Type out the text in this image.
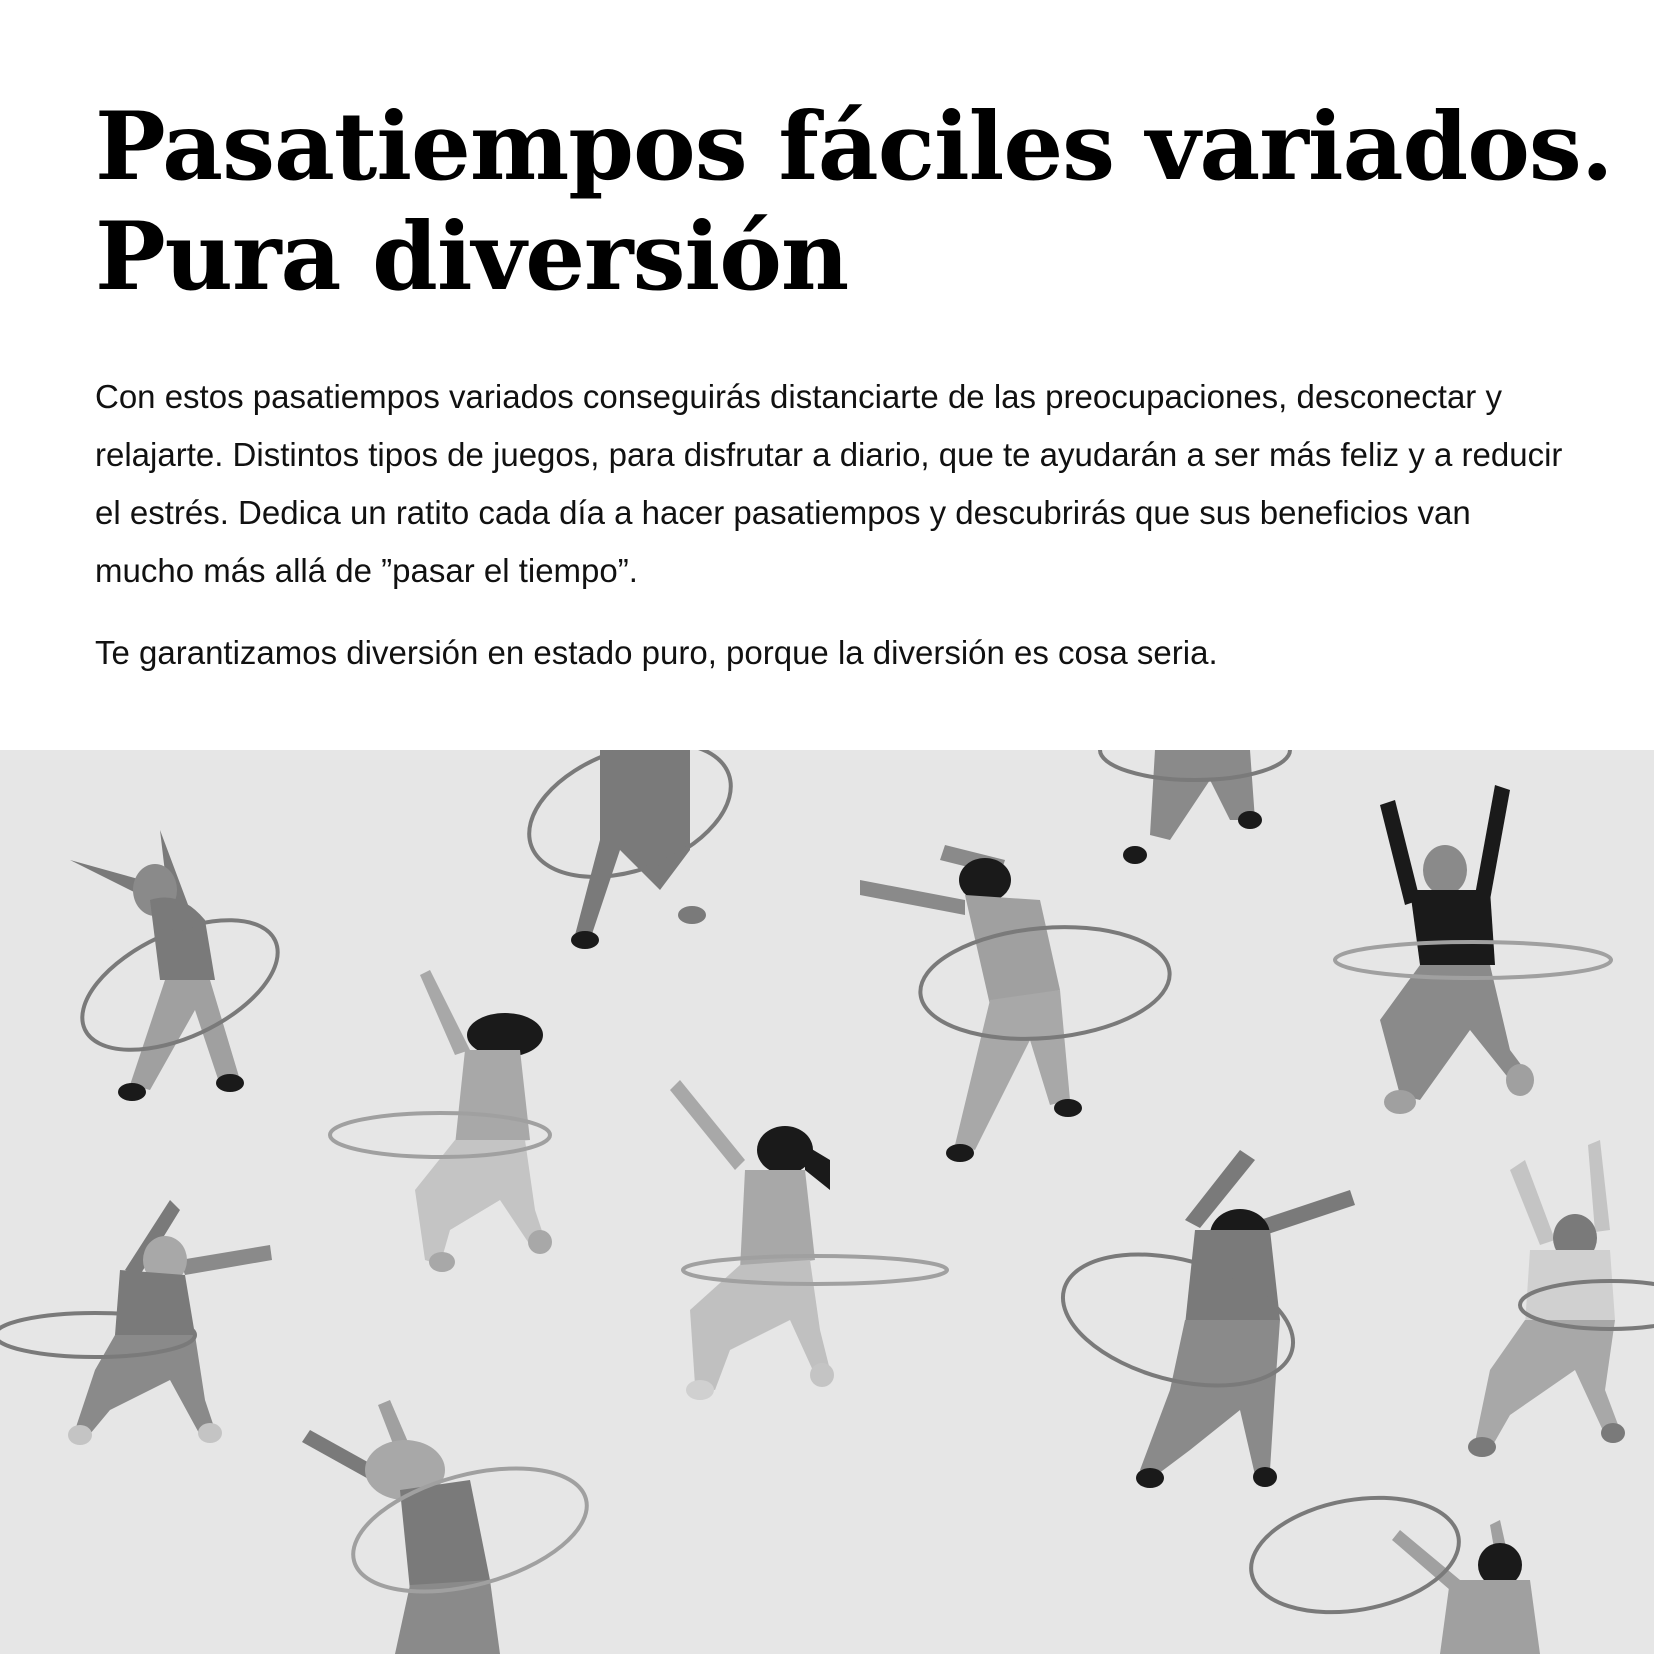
Pasatiempos fáciles variados.
Pura diversión

Con estos pasatiempos variados conseguirás distanciarte de las preocupaciones, desconectar y relajarte. Distintos tipos de juegos, para disfrutar a diario, que te ayudarán a ser más feliz y a reducir el estrés. Dedica un ratito cada día a hacer pasatiempos y descubrirás que sus beneficios van mucho más allá de ”pasar el tiempo”.

Te garantizamos diversión en estado puro, porque la diversión es cosa seria.
